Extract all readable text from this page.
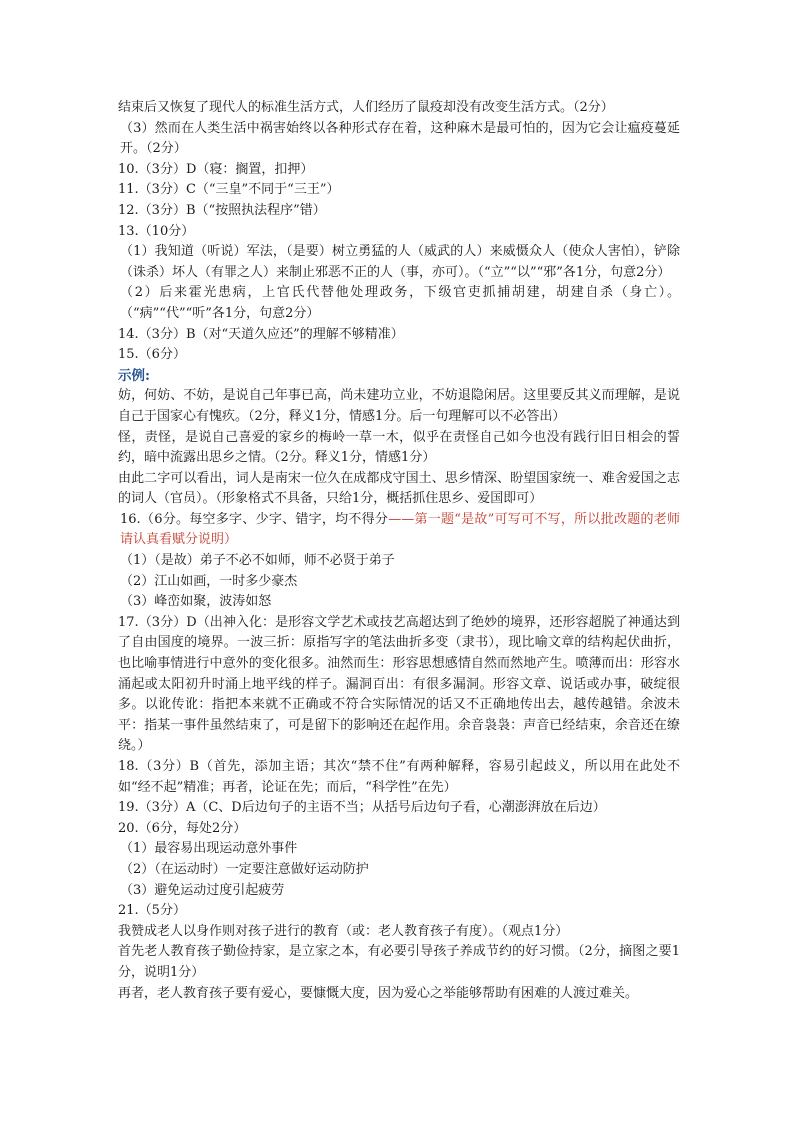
结束后又恢复了现代人的标准生活方式，人们经历了鼠疫却没有改变生活方式。（2分）
（3）然而在人类生活中祸害始终以各种形式存在着，这种麻木是最可怕的，因为它会让瘟疫蔓延开。（2分）
10.（3分）D（寝：搁置，扣押）
11.（3分）C（“三皇”不同于“三王”）
12.（3分）B（“按照执法程序”错）
13.（10分）
（1）我知道（听说）军法，（是要）树立勇猛的人（威武的人）来威慑众人（使众人害怕），铲除（诛杀）坏人（有罪之人）来制止邪恶不正的人（事，亦可）。（“立”“以”“邪”各1分，句意2分）
（2）后来霍光患病，上官氏代替他处理政务，下级官吏抓捕胡建，胡建自杀（身亡）。（“病”“代”“听”各1分，句意2分）
14.（3分）B（对“天道久应还”的理解不够精准）
15.（6分）
示例:
妨，何妨、不妨，是说自己年事已高，尚未建功立业，不妨退隐闲居。这里要反其义而理解，是说自己于国家心有愧疚。（2分，释义1分，情感1分。后一句理解可以不必答出）
怪，责怪，是说自己喜爱的家乡的梅岭一草一木，似乎在责怪自己如今也没有践行旧日相会的誓约，暗中流露出思乡之情。（2分。释义1分，情感1分）
由此二字可以看出，词人是南宋一位久在成都戍守国土、思乡情深、盼望国家统一、难舍爱国之志的词人（官员）。（形象格式不具备，只给1分，概括抓住思乡、爱国即可）
16.（6分。每空多字、少字、错字，均不得分——第一题“是故”可写可不写，所以批改题的老师请认真看赋分说明）
（1）（是故）弟子不必不如师，师不必贤于弟子
（2）江山如画，一时多少豪杰
（3）峰峦如聚，波涛如怒
17.（3分）D（出神入化：是形容文学艺术或技艺高超达到了绝妙的境界，还形容超脱了神通达到了自由国度的境界。一波三折：原指写字的笔法曲折多变（隶书），现比喻文章的结构起伏曲折，也比喻事情进行中意外的变化很多。油然而生：形容思想感情自然而然地产生。喷薄而出：形容水涌起或太阳初升时涌上地平线的样子。漏洞百出：有很多漏洞。形容文章、说话或办事，破绽很多。以讹传讹：指把本来就不正确或不符合实际情况的话又不正确地传出去，越传越错。余波未平：指某一事件虽然结束了，可是留下的影响还在起作用。余音袅袅：声音已经结束，余音还在缭绕。）
18.（3分）B（首先，添加主语；其次“禁不住”有两种解释，容易引起歧义，所以用在此处不如“经不起”精准；再者，论证在先；而后，“科学性”在先）
19.（3分）A（C、D后边句子的主语不当；从括号后边句子看，心潮澎湃放在后边）
20.（6分，每处2分）
（1）最容易出现运动意外事件
（2）（在运动时）一定要注意做好运动防护
（3）避免运动过度引起疲劳
21.（5分）
我赞成老人以身作则对孩子进行的教育（或：老人教育孩子有度）。（观点1分）
首先老人教育孩子勤俭持家，是立家之本，有必要引导孩子养成节约的好习惯。（2分，摘图之要1分，说明1分）
再者，老人教育孩子要有爱心，要慷慨大度，因为爱心之举能够帮助有困难的人渡过难关。
